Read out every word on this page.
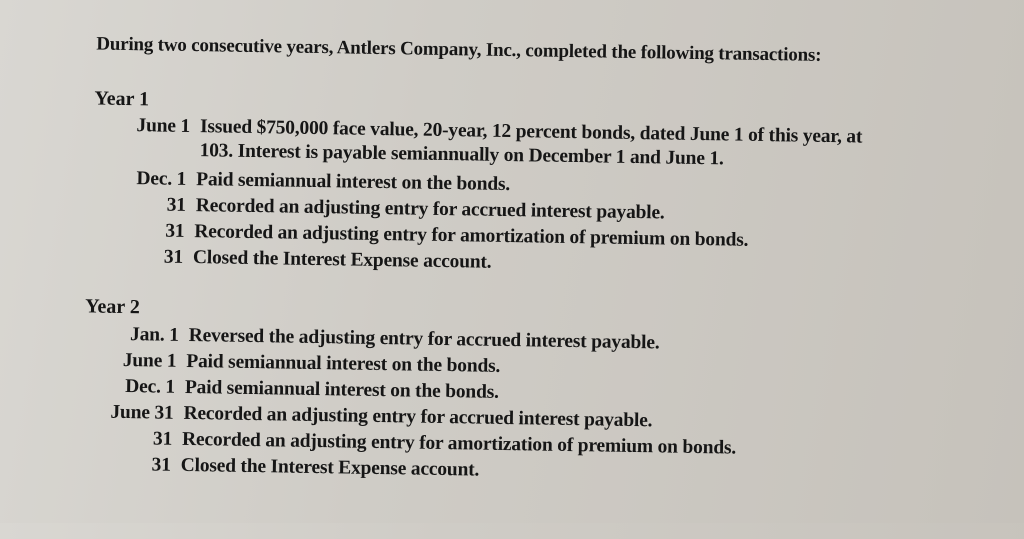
During two consecutive years, Antlers Company, Inc., completed the following transactions:
Year 1
June 1 Issued $750,000 face value, 20-year, 12 percent bonds, dated June 1 of this year, at
103. Interest is payable semiannually on December 1 and June 1.
Dec. 1 Paid semiannual interest on the bonds.
31 Recorded an adjusting entry for accrued interest payable.
31 Recorded an adjusting entry for amortization of premium on bonds.
31 Closed the Interest Expense account.
Year 2
Jan. 1 Reversed the adjusting entry for accrued interest payable.
June 1 Paid semiannual interest on the bonds.
Dec. 1 Paid semiannual interest on the bonds.
June 31 Recorded an adjusting entry for accrued interest payable.
31 Recorded an adjusting entry for amortization of premium on bonds.
31 Closed the Interest Expense account.
